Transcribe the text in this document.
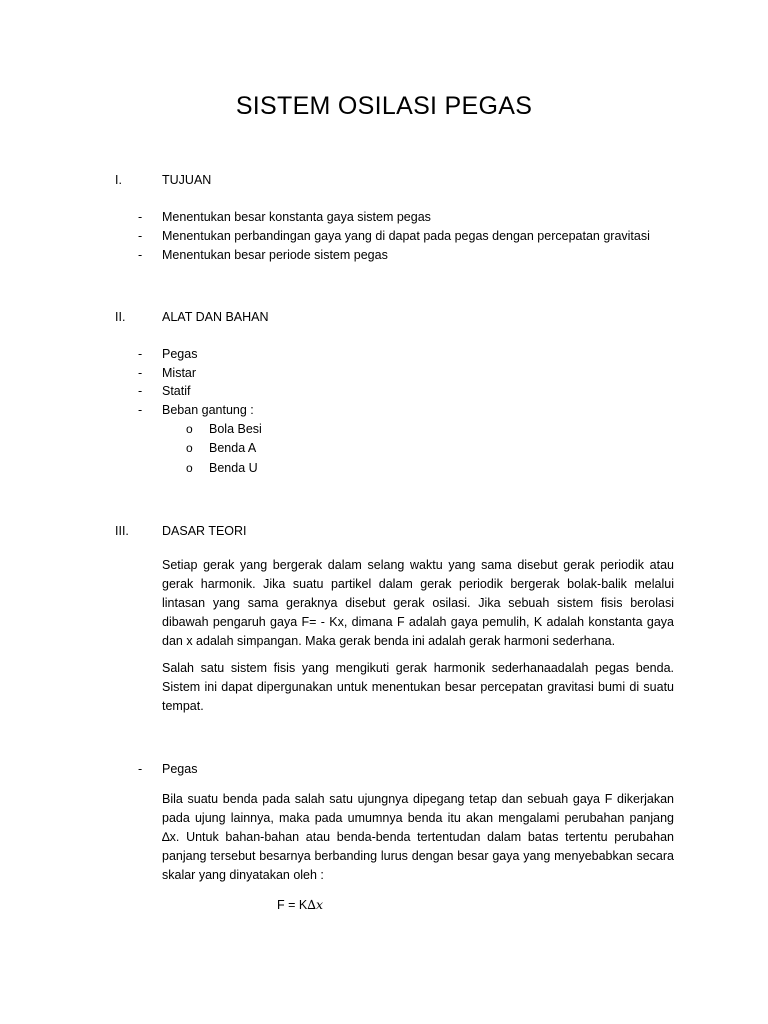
SISTEM OSILASI PEGAS
I.	TUJUAN
- Menentukan besar konstanta gaya sistem pegas
- Menentukan perbandingan gaya yang di dapat pada pegas dengan percepatan gravitasi
- Menentukan besar periode sistem pegas
II.	ALAT DAN BAHAN
- Pegas
- Mistar
- Statif
- Beban gantung :
o Bola Besi
o Benda A
o Benda U
III.	DASAR TEORI
Setiap gerak yang bergerak dalam selang waktu yang sama disebut gerak periodik atau gerak harmonik. Jika suatu partikel dalam gerak periodik bergerak bolak-balik melalui lintasan yang sama geraknya disebut gerak osilasi. Jika sebuah sistem fisis berolasi dibawah pengaruh gaya F= - Kx, dimana F adalah gaya pemulih, K adalah konstanta gaya dan x adalah simpangan. Maka gerak benda ini adalah gerak harmoni sederhana.
Salah satu sistem fisis yang mengikuti gerak harmonik sederhanaadalah pegas benda. Sistem ini dapat dipergunakan untuk menentukan besar percepatan gravitasi bumi di suatu tempat.
- Pegas
Bila suatu benda pada salah satu ujungnya dipegang tetap dan sebuah gaya F dikerjakan pada ujung lainnya, maka pada umumnya benda itu akan mengalami perubahan panjang ∆x. Untuk bahan-bahan atau benda-benda tertentudan dalam batas tertentu perubahan panjang tersebut besarnya berbanding lurus dengan besar gaya yang menyebabkan secara skalar yang dinyatakan oleh :
F = K∆x
